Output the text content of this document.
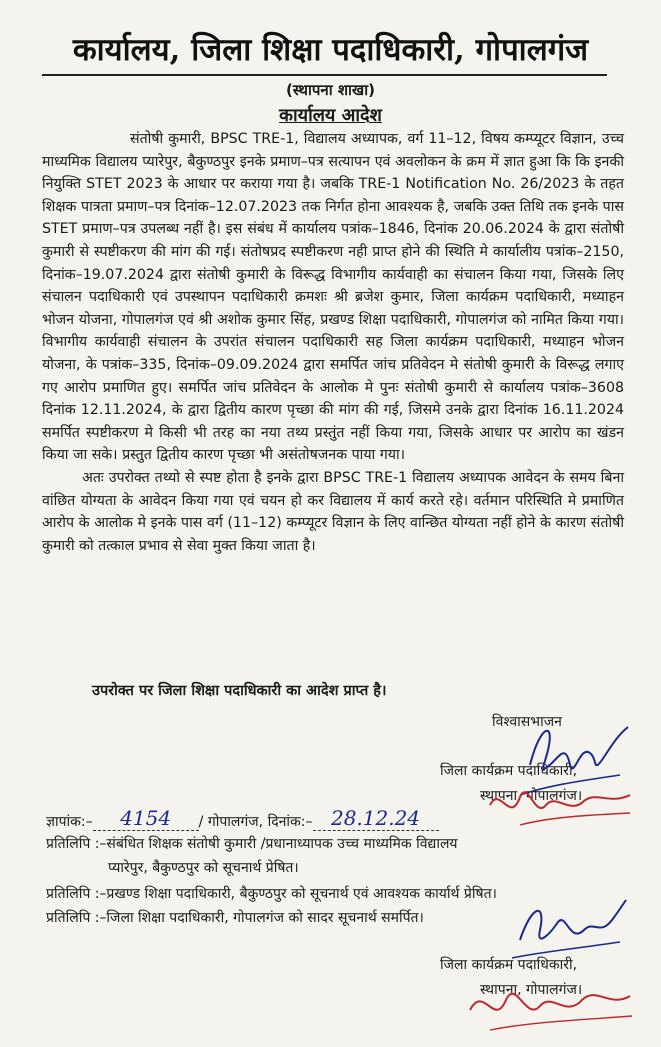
कार्यालय, जिला शिक्षा पदाधिकारी, गोपालगंज
(स्थापना शाखा)
कार्यालय आदेश

संतोषी कुमारी, BPSC TRE-1, विद्यालय अध्यापक, वर्ग 11–12, विषय कम्प्यूटर विज्ञान, उच्च माध्यमिक विद्यालय प्यारेपुर, बैकुण्ठपुर इनके प्रमाण–पत्र सत्यापन एवं अवलोकन के क्रम में ज्ञात हुआ कि कि इनकी नियुक्ति STET 2023 के आधार पर कराया गया है। जबकि TRE-1 Notification No. 26/2023 के तहत शिक्षक पात्रता प्रमाण–पत्र दिनांक–12.07.2023 तक निर्गत होना आवश्यक है, जबकि उक्त तिथि तक इनके पास STET प्रमाण–पत्र उपलब्ध नहीं है। इस संबंध में कार्यालय पत्रांक–1846, दिनांक 20.06.2024 के द्वारा संतोषी कुमारी से स्पष्टीकरण की मांग की गई। संतोषप्रद स्पष्टीकरण नही प्राप्त होने की स्थिति मे कार्यालीय पत्रांक–2150, दिनांक–19.07.2024 द्वारा संतोषी कुमारी के विरूद्ध विभागीय कार्यवाही का संचालन किया गया, जिसके लिए संचालन पदाधिकारी एवं उपस्थापन पदाधिकारी क्रमशः श्री ब्रजेश कुमार, जिला कार्यक्रम पदाधिकारी, मध्याहन भोजन योजना, गोपालगंज एवं श्री अशोक कुमार सिंह, प्रखण्ड शिक्षा पदाधिकारी, गोपालगंज को नामित किया गया। विभागीय कार्यवाही संचालन के उपरांत संचालन पदाधिकारी सह जिला कार्यक्रम पदाधिकारी, मध्याहन भोजन योजना, के पत्रांक–335, दिनांक–09.09.2024 द्वारा समर्पित जांच प्रतिवेदन मे संतोषी कुमारी के विरूद्ध लगाए गए आरोप प्रमाणित हुए। समर्पित जांच प्रतिवेदन के आलोक मे पुनः संतोषी कुमारी से कार्यालय पत्रांक–3608 दिनांक 12.11.2024, के द्वारा द्वितीय कारण पृच्छा की मांग की गई, जिसमे उनके द्वारा दिनांक 16.11.2024 समर्पित स्पष्टीकरण मे किसी भी तरह का नया तथ्य प्रस्तुंत नहीं किया गया, जिसके आधार पर आरोप का खंडन किया जा सके। प्रस्तुत द्वितीय कारण पृच्छा भी असंतोषजनक पाया गया।

अतः उपरोक्त तथ्यो से स्पष्ट होता है इनके द्वारा BPSC TRE-1 विद्यालय अध्यापक आवेदन के समय बिना वांछित योग्यता के आवेदन किया गया एवं चयन हो कर विद्यालय में कार्य करते रहे। वर्तमान परिस्थिति मे प्रमाणित आरोप के आलोक मे इनके पास वर्ग (11–12) कम्प्यूटर विज्ञान के लिए वान्छित योग्यता नहीं होने के कारण संतोषी कुमारी को तत्काल प्रभाव से सेवा मुक्त किया जाता है।

उपरोक्त पर जिला शिक्षा पदाधिकारी का आदेश प्राप्त है।
विश्वासभाजन
जिला कार्यक्रम पदाधिकारी,
स्थापना, गोपालगंज।
ज्ञापांक:– 4154 / गोपालगंज, दिनांक:– 28.12.24
प्रतिलिपि :–संबंधित शिक्षक संतोषी कुमारी /प्रधानाध्यापक उच्च माध्यमिक विद्यालय
प्यारेपुर, बैकुण्ठपुर को सूचनार्थ प्रेषित।
प्रतिलिपि :–प्रखण्ड शिक्षा पदाधिकारी, बैकुण्ठपुर को सूचनार्थ एवं आवश्यक कार्यार्थ प्रेषित।
प्रतिलिपि :–जिला शिक्षा पदाधिकारी, गोपालगंज को सादर सूचनार्थ समर्पित।
जिला कार्यक्रम पदाधिकारी,
स्थापना, गोपालगंज।
